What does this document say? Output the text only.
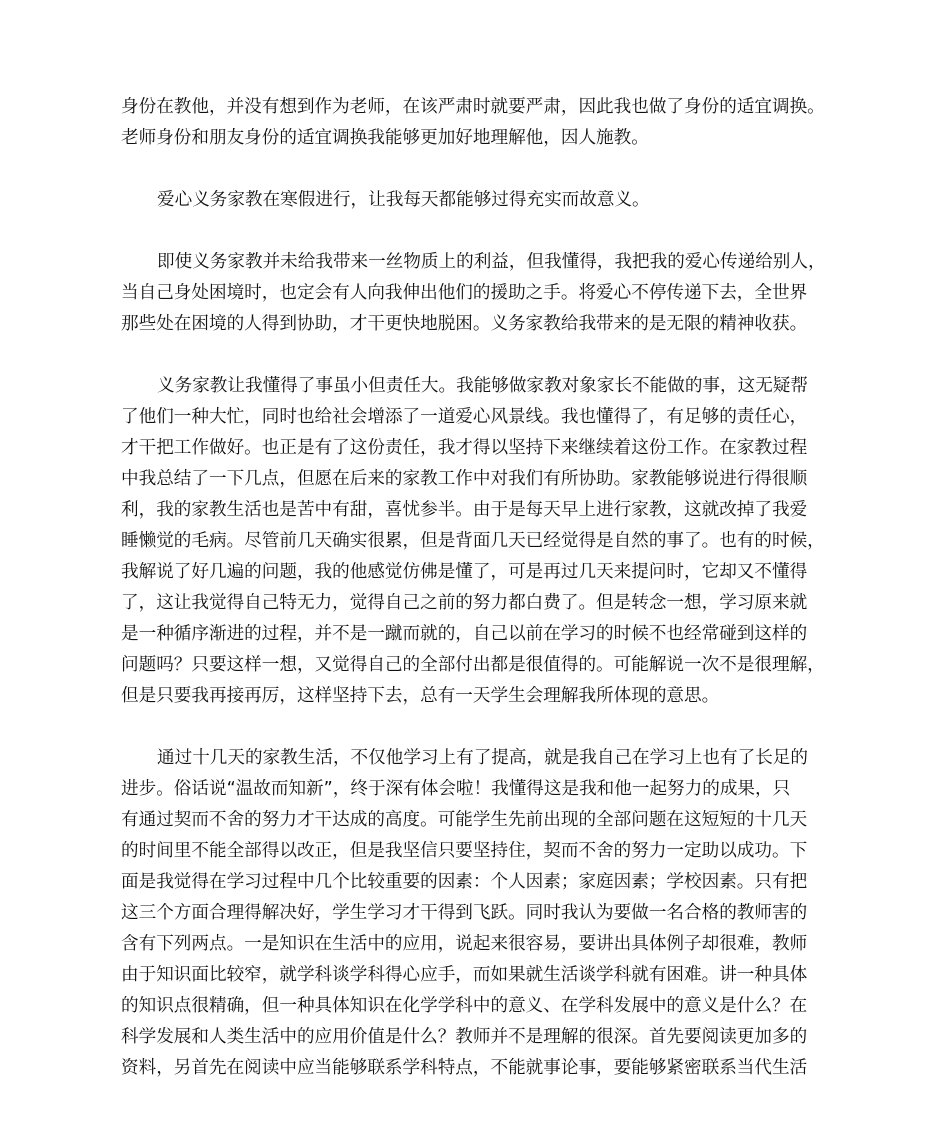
身份在教他，并没有想到作为老师，在该严肃时就要严肃，因此我也做了身份的适宜调换。
老师身份和朋友身份的适宜调换我能够更加好地理解他，因人施教。
爱心义务家教在寒假进行，让我每天都能够过得充实而故意义。
即使义务家教并未给我带来一丝物质上的利益，但我懂得，我把我的爱心传递给别人，
当自己身处困境时，也定会有人向我伸出他们的援助之手。将爱心不停传递下去，全世界
那些处在困境的人得到协助，才干更快地脱困。义务家教给我带来的是无限的精神收获。
义务家教让我懂得了事虽小但责任大。我能够做家教对象家长不能做的事，这无疑帮
了他们一种大忙，同时也给社会增添了一道爱心风景线。我也懂得了，有足够的责任心，
才干把工作做好。也正是有了这份责任，我才得以坚持下来继续着这份工作。在家教过程
中我总结了一下几点，但愿在后来的家教工作中对我们有所协助。家教能够说进行得很顺
利，我的家教生活也是苦中有甜，喜忧参半。由于是每天早上进行家教，这就改掉了我爱
睡懒觉的毛病。尽管前几天确实很累，但是背面几天已经觉得是自然的事了。也有的时候，
我解说了好几遍的问题，我的他感觉仿佛是懂了，可是再过几天来提问时，它却又不懂得
了，这让我觉得自己特无力，觉得自己之前的努力都白费了。但是转念一想，学习原来就
是一种循序渐进的过程，并不是一蹴而就的，自己以前在学习的时候不也经常碰到这样的
问题吗？只要这样一想，又觉得自己的全部付出都是很值得的。可能解说一次不是很理解，
但是只要我再接再厉，这样坚持下去，总有一天学生会理解我所体现的意思。
通过十几天的家教生活，不仅他学习上有了提高，就是我自己在学习上也有了长足的
进步。俗话说“温故而知新”，终于深有体会啦！我懂得这是我和他一起努力的成果，只
有通过契而不舍的努力才干达成的高度。可能学生先前出现的全部问题在这短短的十几天
的时间里不能全部得以改正，但是我坚信只要坚持住，契而不舍的努力一定助以成功。下
面是我觉得在学习过程中几个比较重要的因素：个人因素；家庭因素；学校因素。只有把
这三个方面合理得解决好，学生学习才干得到飞跃。同时我认为要做一名合格的教师害的
含有下列两点。一是知识在生活中的应用，说起来很容易，要讲出具体例子却很难，教师
由于知识面比较窄，就学科谈学科得心应手，而如果就生活谈学科就有困难。讲一种具体
的知识点很精确，但一种具体知识在化学学科中的意义、在学科发展中的意义是什么？在
科学发展和人类生活中的应用价值是什么？教师并不是理解的很深。首先要阅读更加多的
资料，另首先在阅读中应当能够联系学科特点，不能就事论事，要能够紧密联系当代生活
